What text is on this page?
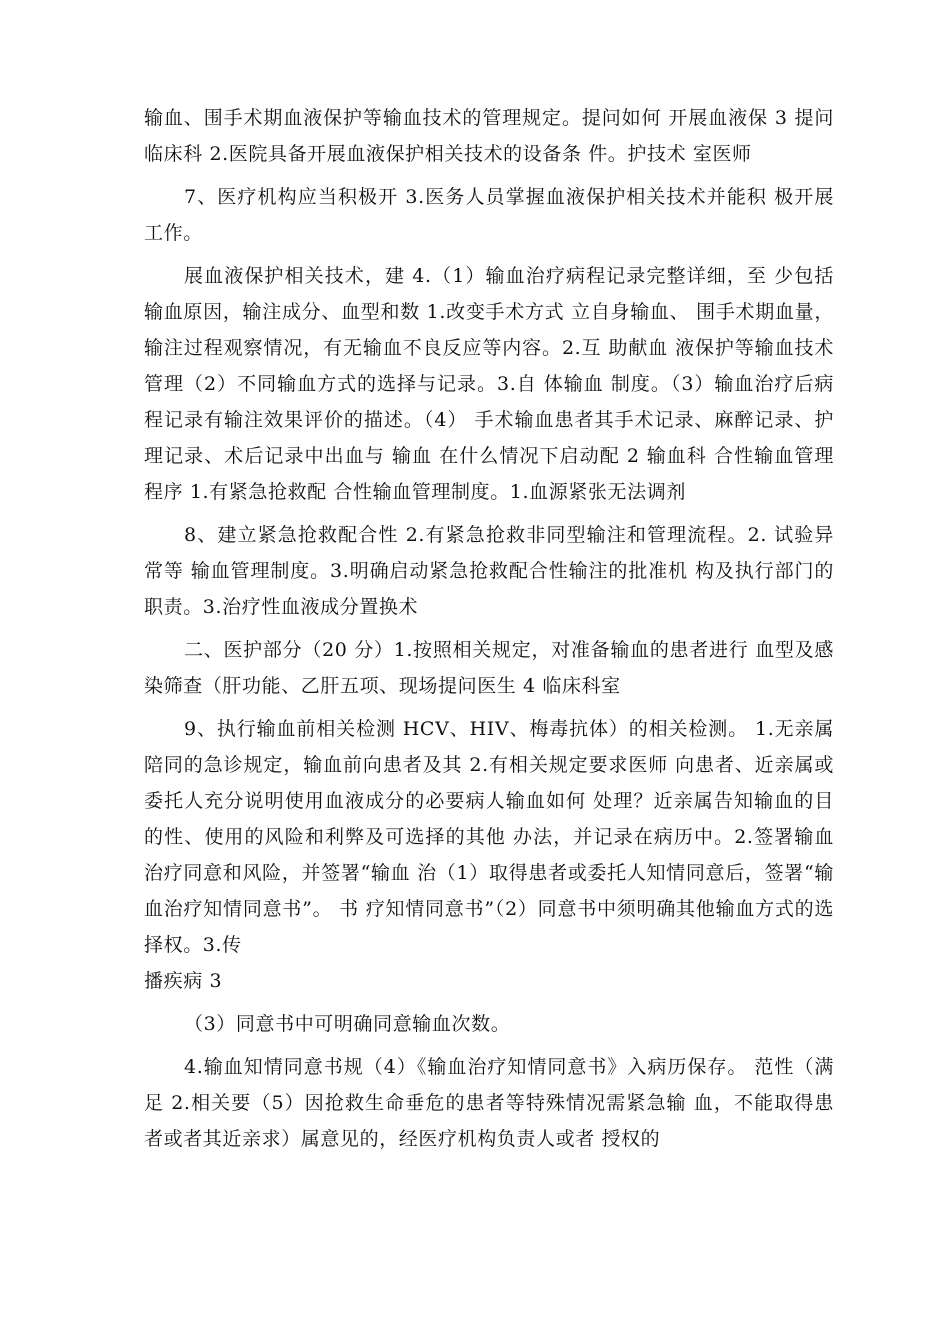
输血、围手术期血液保护等输血技术的管理规定。提问如何 开展血液保 3 提问临床科 2.医院具备开展血液保护相关技术的设备条 件。护技术 室医师

7、医疗机构应当积极开 3.医务人员掌握血液保护相关技术并能积 极开展工作。

展血液保护相关技术，建 4.（1）输血治疗病程记录完整详细，至 少包括输血原因，输注成分、血型和数 1.改变手术方式 立自身输血、 围手术期血量，输注过程观察情况，有无输血不良反应等内容。2.互 助献血 液保护等输血技术管理（2）不同输血方式的选择与记录。3.自 体输血 制度。（3）输血治疗后病程记录有输注效果评价的描述。（4） 手术输血患者其手术记录、麻醉记录、护理记录、术后记录中出血与 输血 在什么情况下启动配 2 输血科 合性输血管理程序 1.有紧急抢救配 合性输血管理制度。1.血源紧张无法调剂

8、建立紧急抢救配合性 2.有紧急抢救非同型输注和管理流程。2. 试验异常等 输血管理制度。3.明确启动紧急抢救配合性输注的批准机 构及执行部门的职责。3.治疗性血液成分置换术

二、医护部分（20 分）1.按照相关规定，对准备输血的患者进行 血型及感染筛查（肝功能、乙肝五项、现场提问医生 4 临床科室

9、执行输血前相关检测 HCV、HIV、梅毒抗体）的相关检测。 1.无亲属陪同的急诊规定，输血前向患者及其 2.有相关规定要求医师 向患者、近亲属或委托人充分说明使用血液成分的必要病人输血如何 处理？近亲属告知输血的目的性、使用的风险和利弊及可选择的其他 办法，并记录在病历中。2.签署输血治疗同意和风险，并签署“输血 治（1）取得患者或委托人知情同意后，签署“输血治疗知情同意书”。 书 疗知情同意书”（2）同意书中须明确其他输血方式的选择权。3.传

播疾病 3

（3）同意书中可明确同意输血次数。

4.输血知情同意书规（4）《输血治疗知情同意书》入病历保存。 范性（满足 2.相关要（5）因抢救生命垂危的患者等特殊情况需紧急输 血，不能取得患者或者其近亲求）属意见的，经医疗机构负责人或者 授权的
